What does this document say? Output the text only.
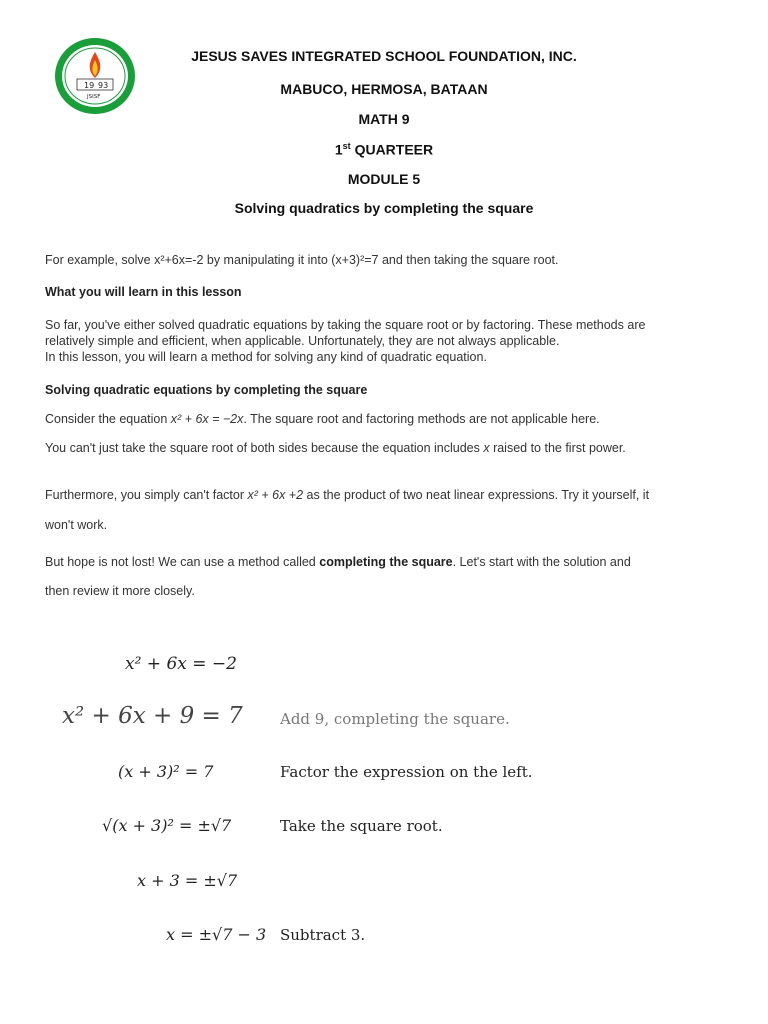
19 93
JSISF
JESUS SAVES INTEGRATED SCHOOL FOUNDATION, INC.
MABUCO, HERMOSA, BATAAN
MATH 9
1st QUARTEER
MODULE 5
Solving quadratics by completing the square
For example, solve x²+6x=-2 by manipulating it into (x+3)²=7 and then taking the square root.
What you will learn in this lesson
So far, you've either solved quadratic equations by taking the square root or by factoring. These methods are
relatively simple and efficient, when applicable. Unfortunately, they are not always applicable.
In this lesson, you will learn a method for solving any kind of quadratic equation.
Solving quadratic equations by completing the square
Consider the equation x² + 6x = −2x. The square root and factoring methods are not applicable here.
You can't just take the square root of both sides because the equation includes x raised to the first power.
Furthermore, you simply can't factor x² + 6x +2 as the product of two neat linear expressions. Try it yourself, it
won't work.
But hope is not lost! We can use a method called completing the square. Let's start with the solution and
then review it more closely.
x² + 6x = −2
x² + 6x + 9 = 7 Add 9, completing the square.
(x + 3)² = 7	Factor the expression on the left.
√(x + 3)² = ±√7	Take the square root.
x + 3 = ±√7
x = ±√7 − 3 Subtract 3.
